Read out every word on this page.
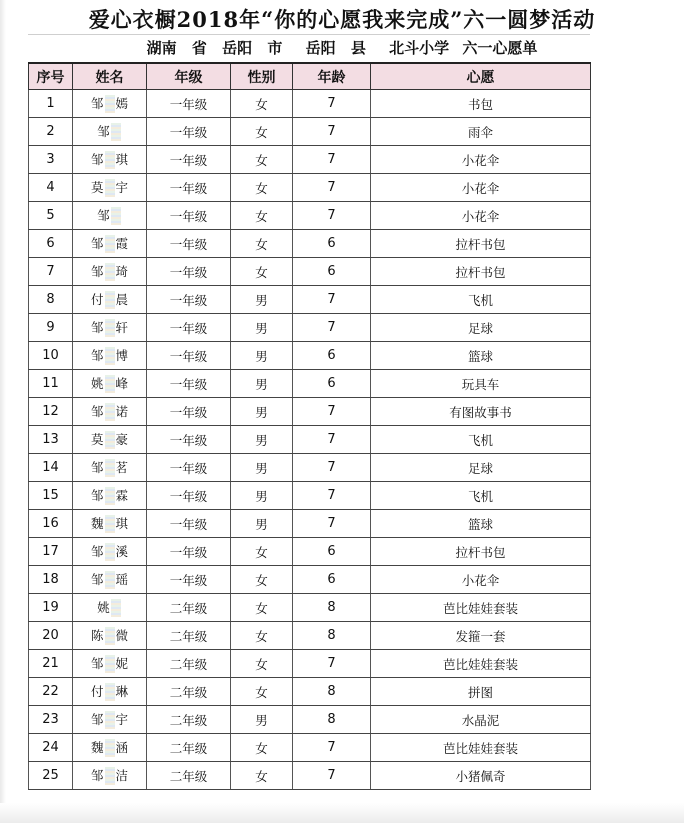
爱心衣橱2018年“你的心愿我来完成”六一圆梦活动
湖南 省 岳阳 市 岳阳 县 北斗小学 六一心愿单
序号	姓名	年级	性别	年龄	心愿
1	邹 嫣	一年级	女	7	书包
2	邹	一年级	女	7	雨伞
3	邹 琪	一年级	女	7	小花伞
4	莫 宇	一年级	女	7	小花伞
5	邹	一年级	女	7	小花伞
6	邹 霞	一年级	女	6	拉杆书包
7	邹 琦	一年级	女	6	拉杆书包
8	付 晨	一年级	男	7	飞机
9	邹 轩	一年级	男	7	足球
10	邹 博	一年级	男	6	篮球
11	姚 峰	一年级	男	6	玩具车
12	邹 诺	一年级	男	7	有图故事书
13	莫 豪	一年级	男	7	飞机
14	邹 茗	一年级	男	7	足球
15	邹 霖	一年级	男	7	飞机
16	魏 琪	一年级	男	7	篮球
17	邹 溪	一年级	女	6	拉杆书包
18	邹 瑶	一年级	女	6	小花伞
19	姚	二年级	女	8	芭比娃娃套装
20	陈 微	二年级	女	8	发箍一套
21	邹 妮	二年级	女	7	芭比娃娃套装
22	付 琳	二年级	女	8	拼图
23	邹 宇	二年级	男	8	水晶泥
24	魏 涵	二年级	女	7	芭比娃娃套装
25	邹 洁	二年级	女	7	小猪佩奇
